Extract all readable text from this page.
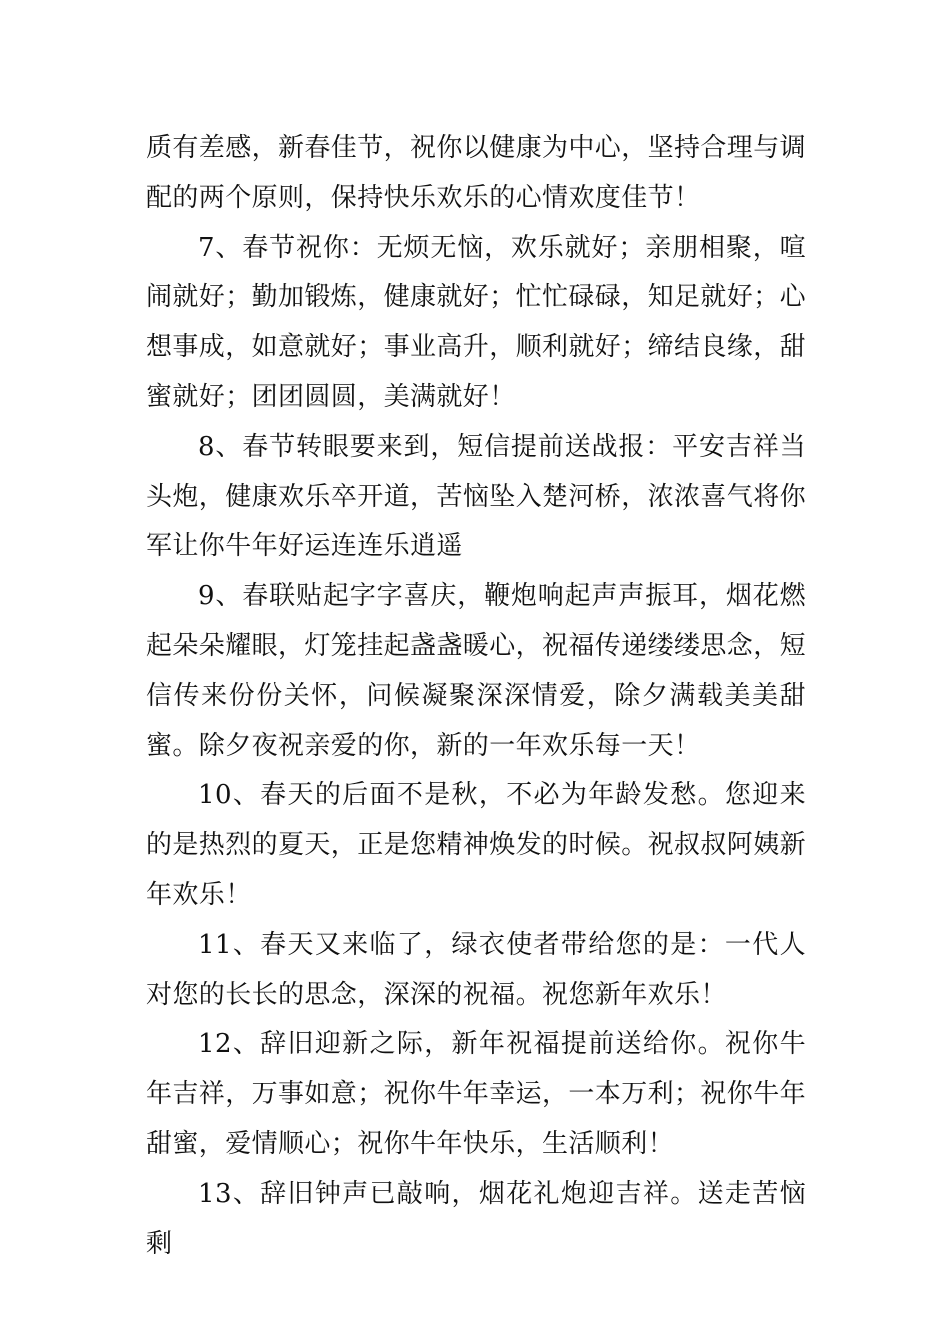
质有差感，新春佳节，祝你以健康为中心，坚持合理与调配的两个原则，保持快乐欢乐的心情欢度佳节！

7、春节祝你：无烦无恼，欢乐就好；亲朋相聚，喧闹就好；勤加锻炼，健康就好；忙忙碌碌，知足就好；心想事成，如意就好；事业高升，顺利就好；缔结良缘，甜蜜就好；团团圆圆，美满就好！

8、春节转眼要来到，短信提前送战报：平安吉祥当头炮，健康欢乐卒开道，苦恼坠入楚河桥，浓浓喜气将你军让你牛年好运连连乐逍遥

9、春联贴起字字喜庆，鞭炮响起声声振耳，烟花燃起朵朵耀眼，灯笼挂起盏盏暖心，祝福传递缕缕思念，短信传来份份关怀，问候凝聚深深情爱，除夕满载美美甜蜜。除夕夜祝亲爱的你，新的一年欢乐每一天！

10、春天的后面不是秋，不必为年龄发愁。您迎来的是热烈的夏天，正是您精神焕发的时候。祝叔叔阿姨新年欢乐！

11、春天又来临了，绿衣使者带给您的是：一代人对您的长长的思念，深深的祝福。祝您新年欢乐！

12、辞旧迎新之际，新年祝福提前送给你。祝你牛年吉祥，万事如意；祝你牛年幸运，一本万利；祝你牛年甜蜜，爱情顺心；祝你牛年快乐，生活顺利！

13、辞旧钟声已敲响，烟花礼炮迎吉祥。送走苦恼剩
